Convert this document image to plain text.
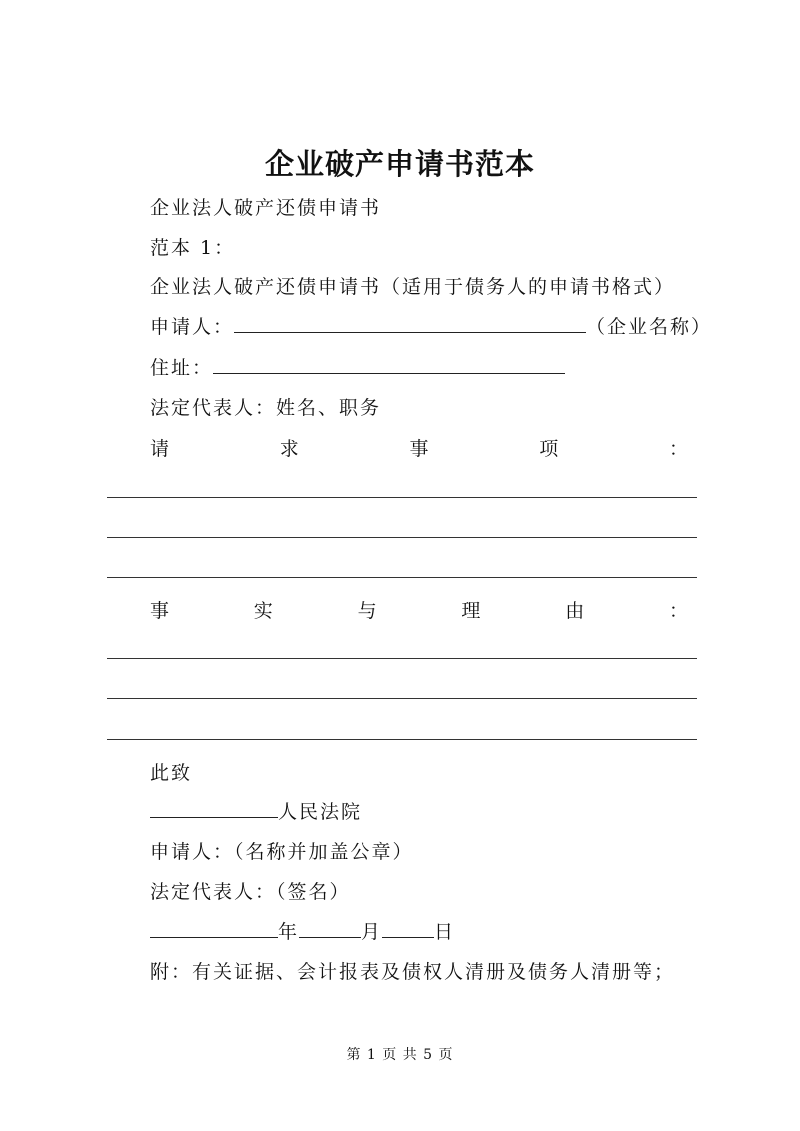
企业破产申请书范本
企业法人破产还债申请书
范本 1：
企业法人破产还债申请书（适用于债务人的申请书格式）
申请人：	（企业名称）
住址：
法定代表人：姓名、职务
请	求	事	项	：
事	实	与	理	由	：
此致
人民法院
申请人：（名称并加盖公章）
法定代表人：（签名）
年	月	日
附：有关证据、会计报表及债权人清册及债务人清册等；
第 1 页 共 5 页
